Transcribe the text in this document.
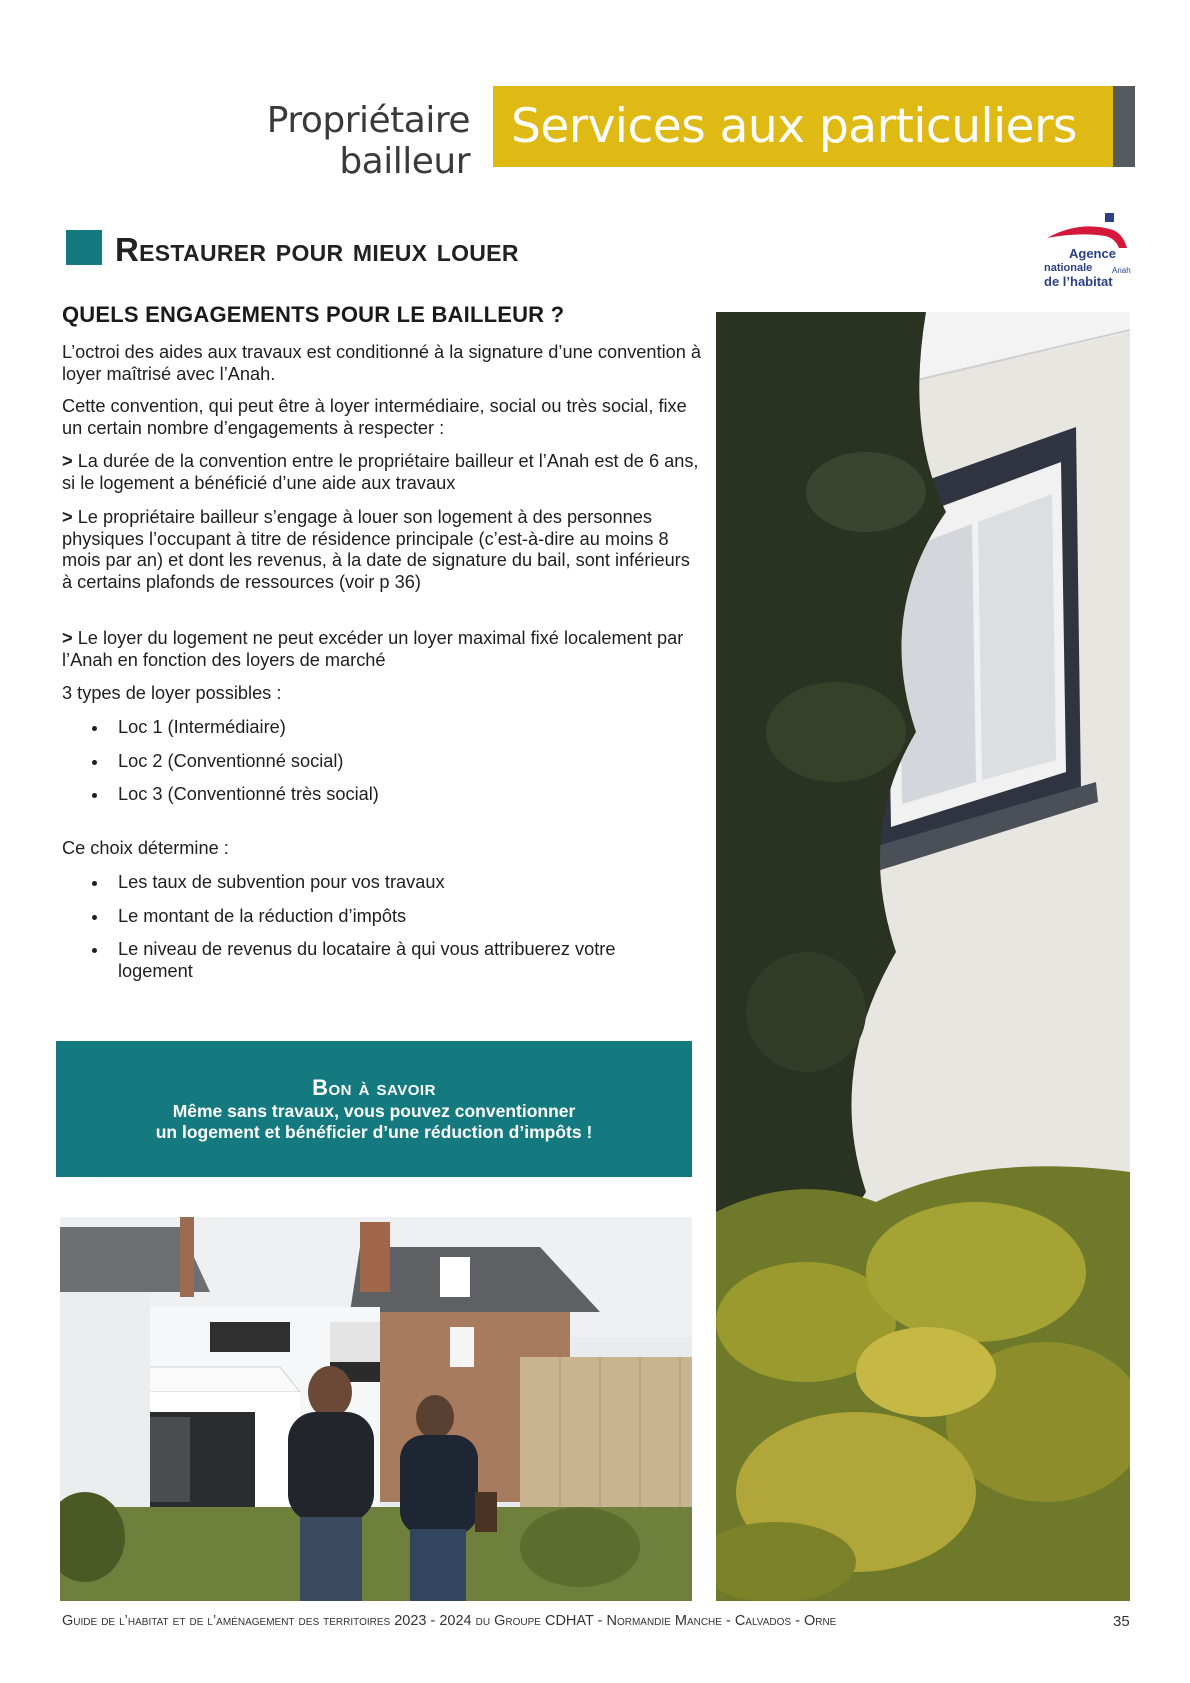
Propriétaire bailleur
Services aux particuliers
Restaurer pour mieux louer	Agence
nationale Anah
de l’habitat
QUELS ENGAGEMENTS POUR LE BAILLEUR ?
L’octroi des aides aux travaux est conditionné à la signature d’une convention à loyer maîtrisé avec l’Anah.
Cette convention, qui peut être à loyer intermédiaire, social ou très social, fixe un certain nombre d’engagements à respecter :
> La durée de la convention entre le propriétaire bailleur et l’Anah est de 6 ans, si le logement a bénéficié d’une aide aux travaux
> Le propriétaire bailleur s’engage à louer son logement à des personnes physiques l’occupant à titre de résidence principale (c’est-à-dire au moins 8 mois par an) et dont les revenus, à la date de signature du bail, sont inférieurs à certains plafonds de ressources (voir p 36)
> Le loyer du logement ne peut excéder un loyer maximal fixé localement par l’Anah en fonction des loyers de marché
3 types de loyer possibles :
Loc 1 (Intermédiaire)
Loc 2 (Conventionné social)
Loc 3 (Conventionné très social)
Ce choix détermine :
Les taux de subvention pour vos travaux
Le montant de la réduction d’impôts
Le niveau de revenus du locataire à qui vous attribuerez votre logement
Bon à savoir
Même sans travaux, vous pouvez conventionner
un logement et bénéficier d’une réduction d’impôts !
Guide de l’habitat et de l’aménagement des territoires 2023 - 2024 du Groupe CDHAT - Normandie Manche - Calvados - Orne	35
